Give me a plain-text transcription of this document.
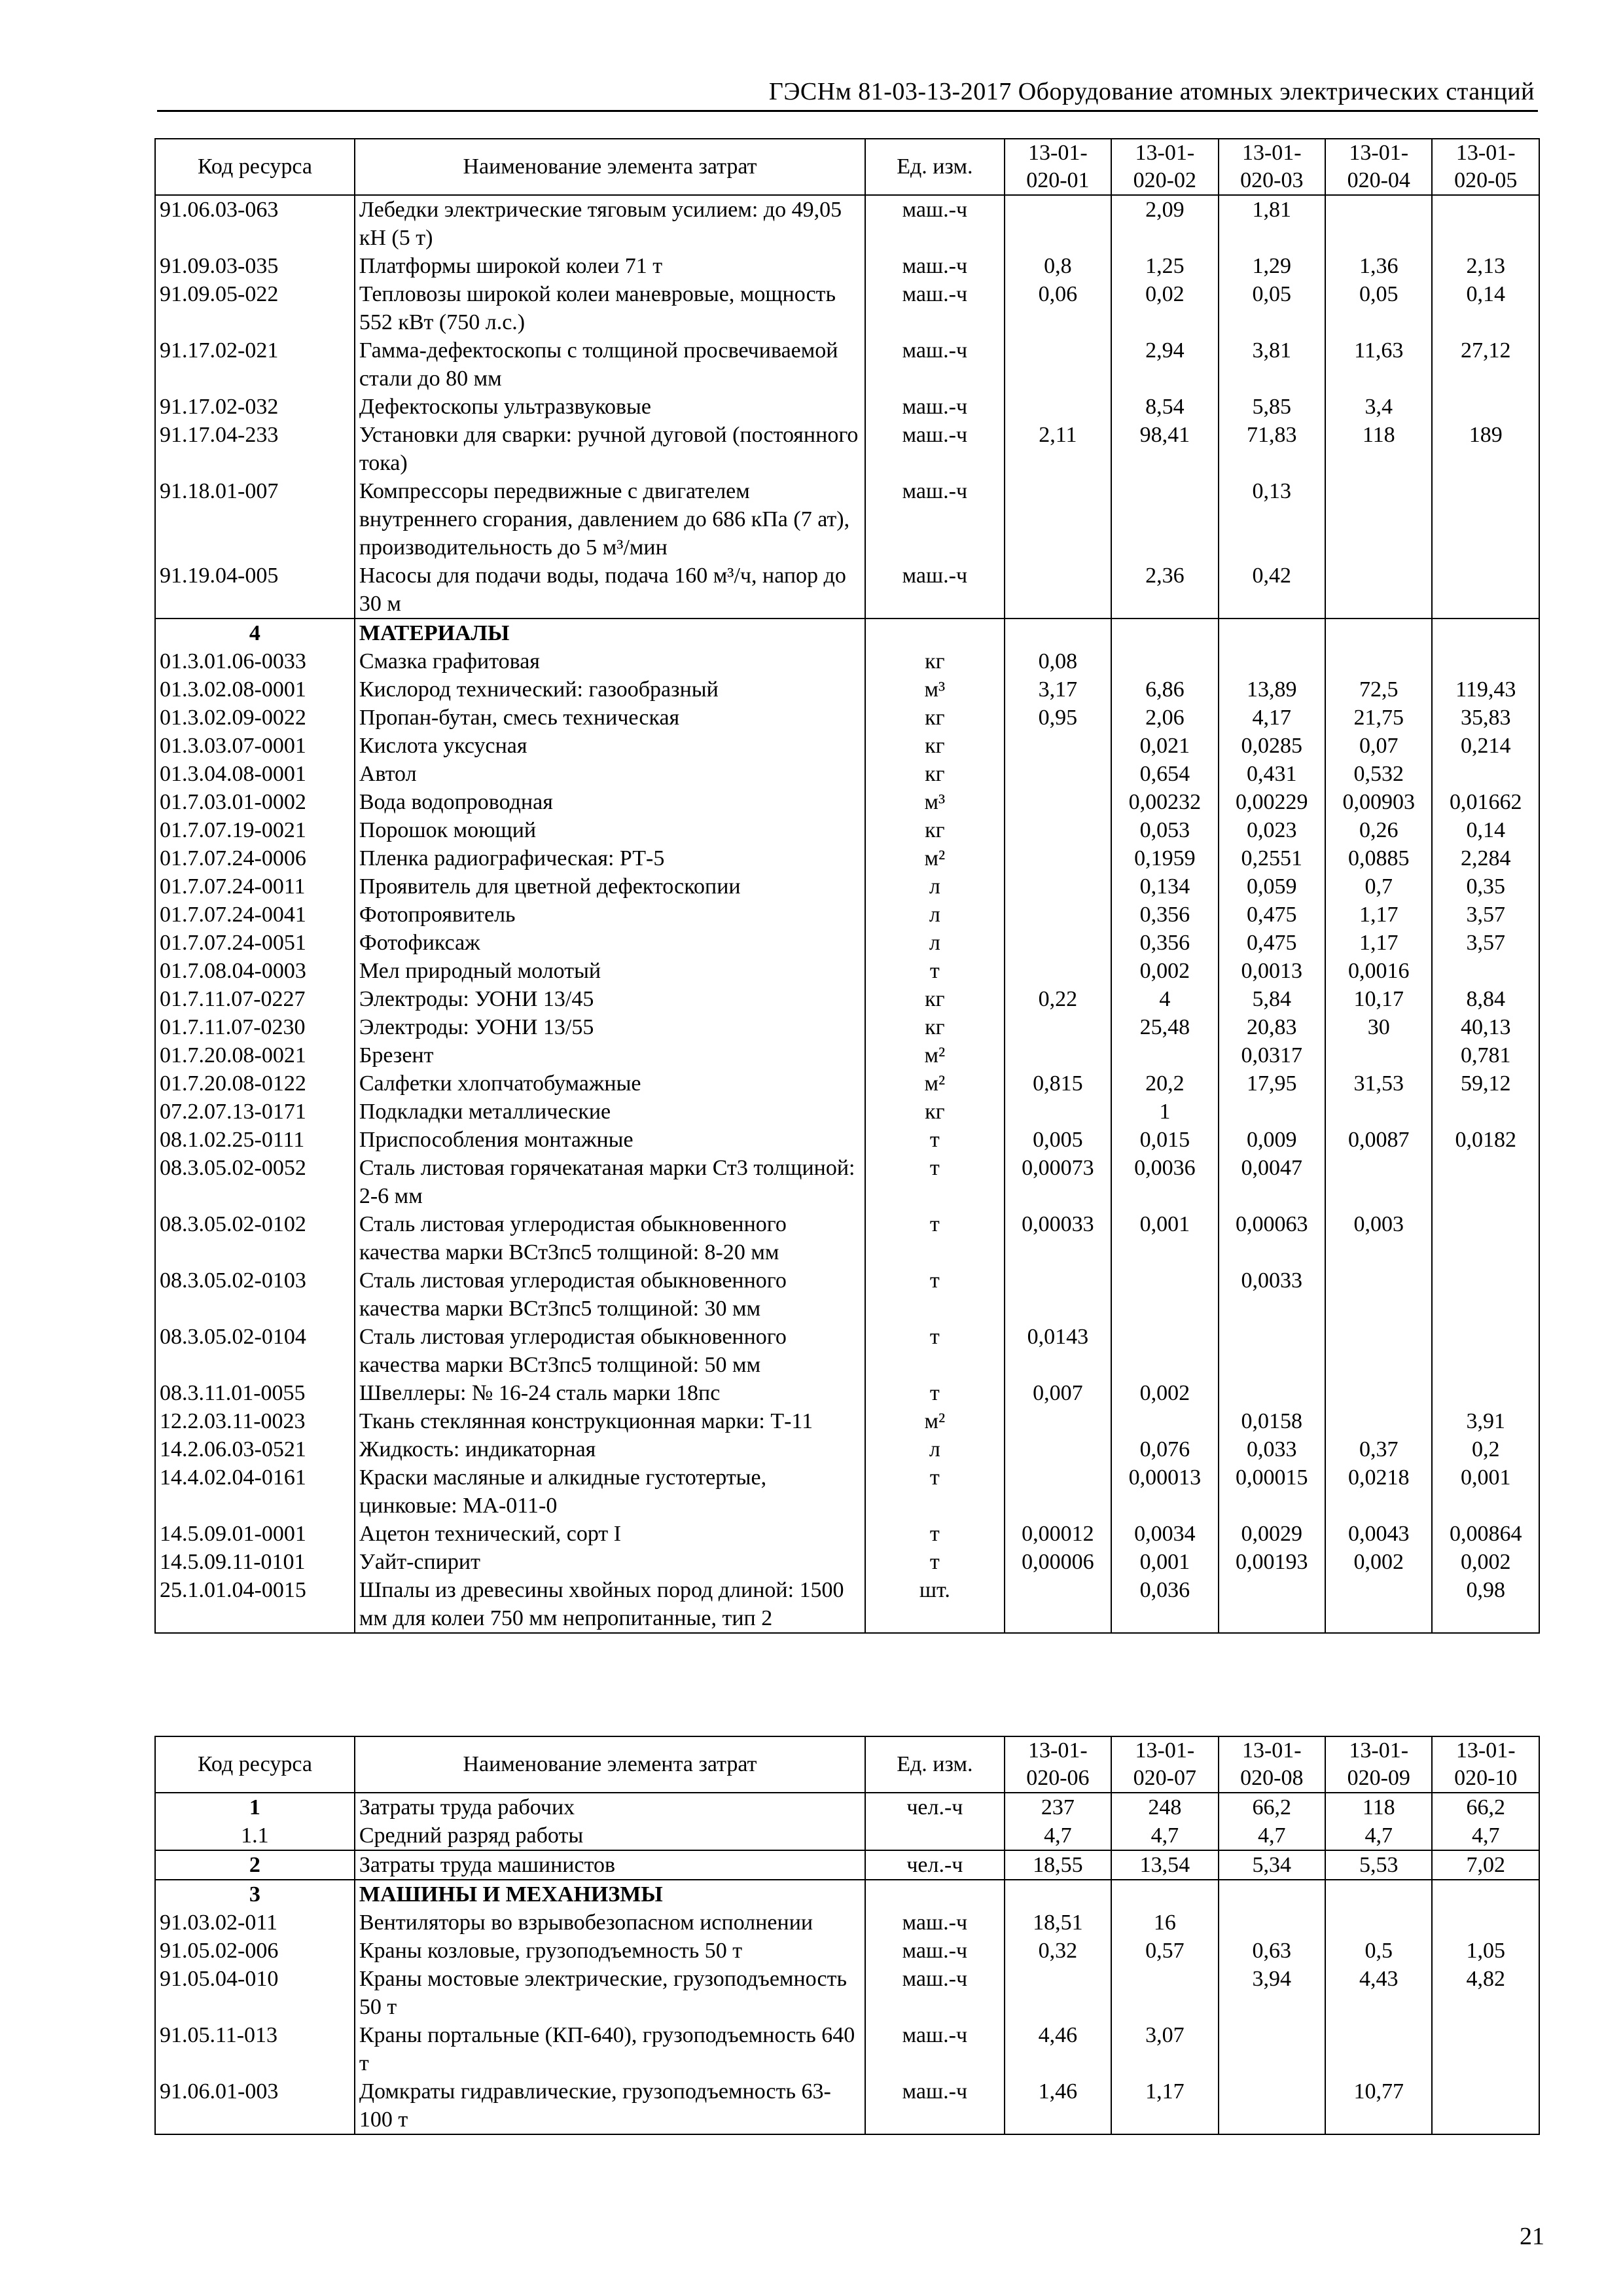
ГЭСНм 81-03-13-2017 Оборудование атомных электрических станций
Код ресурса	Наименование элемента затрат	Ед. изм.	13-01-020-01	13-01-020-02	13-01-020-03	13-01-020-04	13-01-020-05
91.06.03-063	Лебедки электрические тяговым усилием: до 49,05 кН (5 т)	маш.-ч		2,09	1,81		
91.09.03-035	Платформы широкой колеи 71 т	маш.-ч	0,8	1,25	1,29	1,36	2,13
91.09.05-022	Тепловозы широкой колеи маневровые, мощность 552 кВт (750 л.с.)	маш.-ч	0,06	0,02	0,05	0,05	0,14
91.17.02-021	Гамма-дефектоскопы с толщиной просвечиваемой стали до 80 мм	маш.-ч		2,94	3,81	11,63	27,12
91.17.02-032	Дефектоскопы ультразвуковые	маш.-ч		8,54	5,85	3,4	
91.17.04-233	Установки для сварки: ручной дуговой (постоянного тока)	маш.-ч	2,11	98,41	71,83	118	189
91.18.01-007	Компрессоры передвижные с двигателем внутреннего сгорания, давлением до 686 кПа (7 ат), производительность до 5 м³/мин	маш.-ч			0,13		
91.19.04-005	Насосы для подачи воды, подача 160 м³/ч, напор до 30 м	маш.-ч		2,36	0,42		
4	МАТЕРИАЛЫ						
01.3.01.06-0033	Смазка графитовая	кг	0,08				
01.3.02.08-0001	Кислород технический: газообразный	м³	3,17	6,86	13,89	72,5	119,43
01.3.02.09-0022	Пропан-бутан, смесь техническая	кг	0,95	2,06	4,17	21,75	35,83
01.3.03.07-0001	Кислота уксусная	кг		0,021	0,0285	0,07	0,214
01.3.04.08-0001	Автол	кг		0,654	0,431	0,532	
01.7.03.01-0002	Вода водопроводная	м³		0,00232	0,00229	0,00903	0,01662
01.7.07.19-0021	Порошок моющий	кг		0,053	0,023	0,26	0,14
01.7.07.24-0006	Пленка радиографическая: РТ-5	м²		0,1959	0,2551	0,0885	2,284
01.7.07.24-0011	Проявитель для цветной дефектоскопии	л		0,134	0,059	0,7	0,35
01.7.07.24-0041	Фотопроявитель	л		0,356	0,475	1,17	3,57
01.7.07.24-0051	Фотофиксаж	л		0,356	0,475	1,17	3,57
01.7.08.04-0003	Мел природный молотый	т		0,002	0,0013	0,0016	
01.7.11.07-0227	Электроды: УОНИ 13/45	кг	0,22	4	5,84	10,17	8,84
01.7.11.07-0230	Электроды: УОНИ 13/55	кг		25,48	20,83	30	40,13
01.7.20.08-0021	Брезент	м²			0,0317		0,781
01.7.20.08-0122	Салфетки хлопчатобумажные	м²	0,815	20,2	17,95	31,53	59,12
07.2.07.13-0171	Подкладки металлические	кг		1			
08.1.02.25-0111	Приспособления монтажные	т	0,005	0,015	0,009	0,0087	0,0182
08.3.05.02-0052	Сталь листовая горячекатаная марки Ст3 толщиной: 2-6 мм	т	0,00073	0,0036	0,0047		
08.3.05.02-0102	Сталь листовая углеродистая обыкновенного качества марки ВСт3пс5 толщиной: 8-20 мм	т	0,00033	0,001	0,00063	0,003	
08.3.05.02-0103	Сталь листовая углеродистая обыкновенного качества марки ВСт3пс5 толщиной: 30 мм	т			0,0033		
08.3.05.02-0104	Сталь листовая углеродистая обыкновенного качества марки ВСт3пс5 толщиной: 50 мм	т	0,0143				
08.3.11.01-0055	Швеллеры: № 16-24 сталь марки 18пс	т	0,007	0,002			
12.2.03.11-0023	Ткань стеклянная конструкционная марки: Т-11	м²			0,0158		3,91
14.2.06.03-0521	Жидкость: индикаторная	л		0,076	0,033	0,37	0,2
14.4.02.04-0161	Краски масляные и алкидные густотертые, цинковые: МА-011-0	т		0,00013	0,00015	0,0218	0,001
14.5.09.01-0001	Ацетон технический, сорт I	т	0,00012	0,0034	0,0029	0,0043	0,00864
14.5.09.11-0101	Уайт-спирит	т	0,00006	0,001	0,00193	0,002	0,002
25.1.01.04-0015	Шпалы из древесины хвойных пород длиной: 1500 мм для колеи 750 мм непропитанные, тип 2	шт.		0,036			0,98
Код ресурса	Наименование элемента затрат	Ед. изм.	13-01-020-06	13-01-020-07	13-01-020-08	13-01-020-09	13-01-020-10
1	Затраты труда рабочих	чел.-ч	237	248	66,2	118	66,2
1.1	Средний разряд работы		4,7	4,7	4,7	4,7	4,7
2	Затраты труда машинистов	чел.-ч	18,55	13,54	5,34	5,53	7,02
3	МАШИНЫ И МЕХАНИЗМЫ						
91.03.02-011	Вентиляторы во взрывобезопасном исполнении	маш.-ч	18,51	16			
91.05.02-006	Краны козловые, грузоподъемность 50 т	маш.-ч	0,32	0,57	0,63	0,5	1,05
91.05.04-010	Краны мостовые электрические, грузоподъемность 50 т	маш.-ч			3,94	4,43	4,82
91.05.11-013	Краны портальные (КП-640), грузоподъемность 640 т	маш.-ч	4,46	3,07			
91.06.01-003	Домкраты гидравлические, грузоподъемность 63-100 т	маш.-ч	1,46	1,17		10,77	
21
